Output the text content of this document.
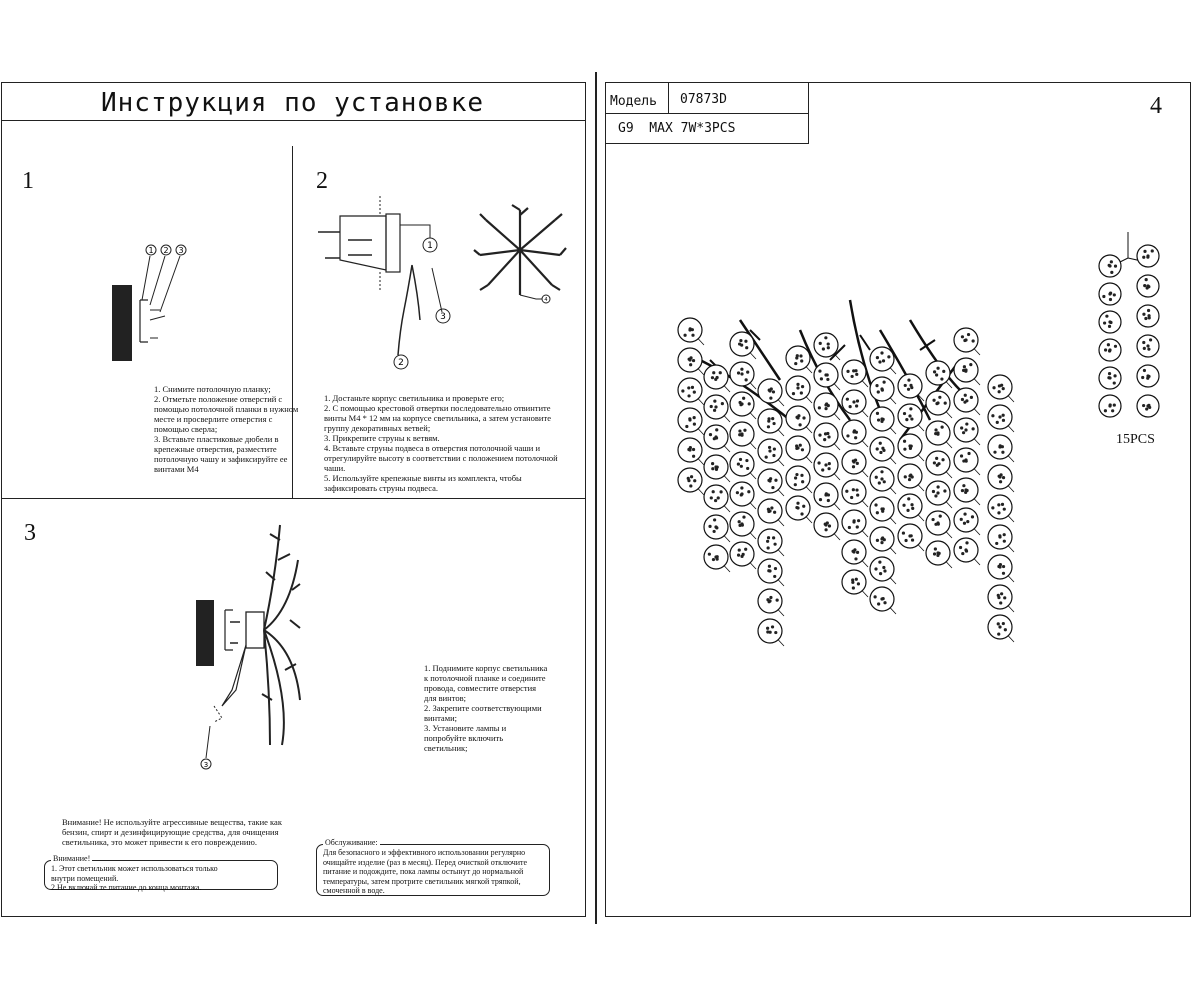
Инструкция по установке
1	2
3
1 2 3
1. Снимите потолочную планку;
2. Отметьте положение отверстий с
помощью потолочной планки в нужном
месте и просверлите отверстия с
помощью сверла;
3. Вставьте пластиковые дюбели в
крепежные отверстия, разместите
потолочную чашу и зафиксируйте ее
винтами M4
1
2
3
4
1. Достаньте корпус светильника и проверьте его;
2. С помощью крестовой отвертки последовательно отвинтите
винты M4 * 12 мм на корпусе светильника, а затем установите
группу декоративных ветвей;
3. Прикрепите струны к ветвям.
4. Вставьте струны подвеса в отверстия потолочной чаши и
отрегулируйте высоту в соответствии с положением потолочной
чаши.
5. Используйте крепежные винты из комплекта, чтобы
зафиксировать струны подвеса.
3
1. Поднимите корпус светильника
к потолочной планке и соедините
провода, совместите отверстия
для винтов;
2. Закрепите соответствующими
винтами;
3. Установите лампы и
попробуйте включить
светильник;
Внимание! Не используйте агрессивные вещества, такие как
бензин, спирт и дезинфицирующие средства, для очищения
светильника, это может привести к его повреждению.
Внимание!
1. Этот светильник может использоваться только
внутри помещений.
2.Не включай те питание до конца монтажа.
Обслуживание:
Для безопасного и эффективного использовании регулярно
очищайте изделие (раз в месяц). Перед очисткой отключите
питание и подождите, пока лампы остынут до нормальной
температуры, затем протрите светильник мягкой тряпкой,
смоченной в воде.
Модель 07873D
G9  MAX 7W*3PCS
4
15PCS
